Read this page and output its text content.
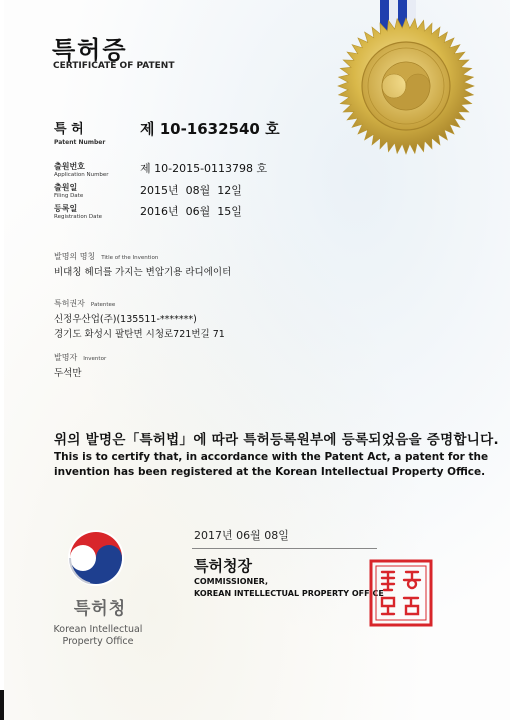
특허증
CERTIFICATE OF PATENT
특 허
Patent Number
제 10-1632540 호
출원번호
Application Number	제 10-2015-0113798 호
출원일
Filing Date	2015년  08월  12일
등록일
Registration Date	2016년  06월  15일
발명의 명칭 Title of the Invention
비대칭 헤더를 가지는 변압기용 라디에이터
특허권자 Patentee
신정우산업(주)(135511-*******)
경기도 화성시 팔탄면 시청로721번길 71
발명자 Inventor
두석만
위의 발명은「특허법」에 따라 특허등록원부에 등록되었음을 증명합니다.
This is to certify that, in accordance with the Patent Act, a patent for the invention has been registered at the Korean Intellectual Property Office.
특허청
Korean Intellectual
Property Office
2017년 06월 08일
특허청장
COMMISSIONER,
KOREAN INTELLECTUAL PROPERTY OFFICE
